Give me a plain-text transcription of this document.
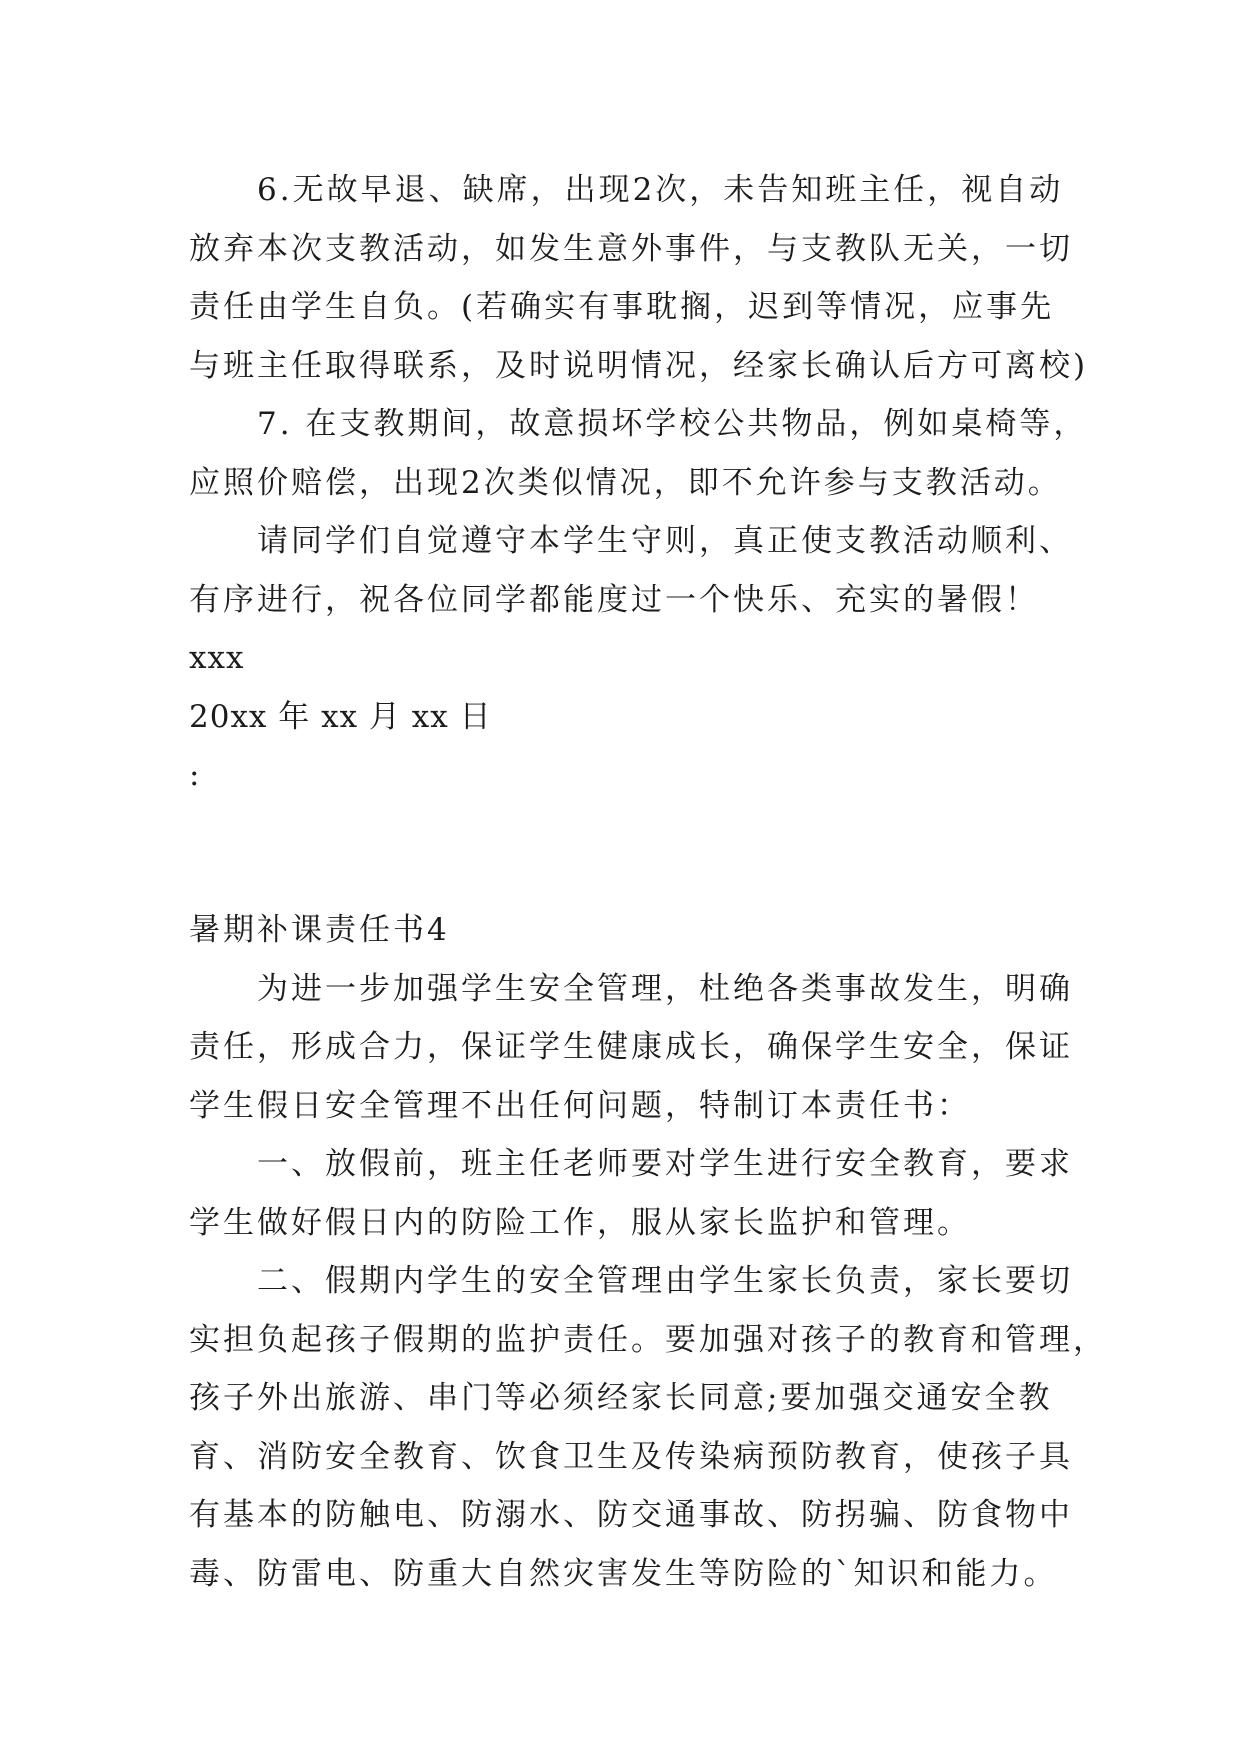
6.无故早退、缺席，出现2次，未告知班主任，视自动
放弃本次支教活动，如发生意外事件，与支教队无关，一切
责任由学生自负。(若确实有事耽搁，迟到等情况，应事先
与班主任取得联系，及时说明情况，经家长确认后方可离校)
7. 在支教期间，故意损坏学校公共物品，例如桌椅等，
应照价赔偿，出现2次类似情况，即不允许参与支教活动。
请同学们自觉遵守本学生守则，真正使支教活动顺利、
有序进行，祝各位同学都能度过一个快乐、充实的暑假！
xxx
20xx 年 xx 月 xx 日
:
暑期补课责任书4
为进一步加强学生安全管理，杜绝各类事故发生，明确
责任，形成合力，保证学生健康成长，确保学生安全，保证
学生假日安全管理不出任何问题，特制订本责任书：
一、放假前，班主任老师要对学生进行安全教育，要求
学生做好假日内的防险工作，服从家长监护和管理。
二、假期内学生的安全管理由学生家长负责，家长要切
实担负起孩子假期的监护责任。要加强对孩子的教育和管理，
孩子外出旅游、串门等必须经家长同意;要加强交通安全教
育、消防安全教育、饮食卫生及传染病预防教育，使孩子具
有基本的防触电、防溺水、防交通事故、防拐骗、防食物中
毒、防雷电、防重大自然灾害发生等防险的`知识和能力。
